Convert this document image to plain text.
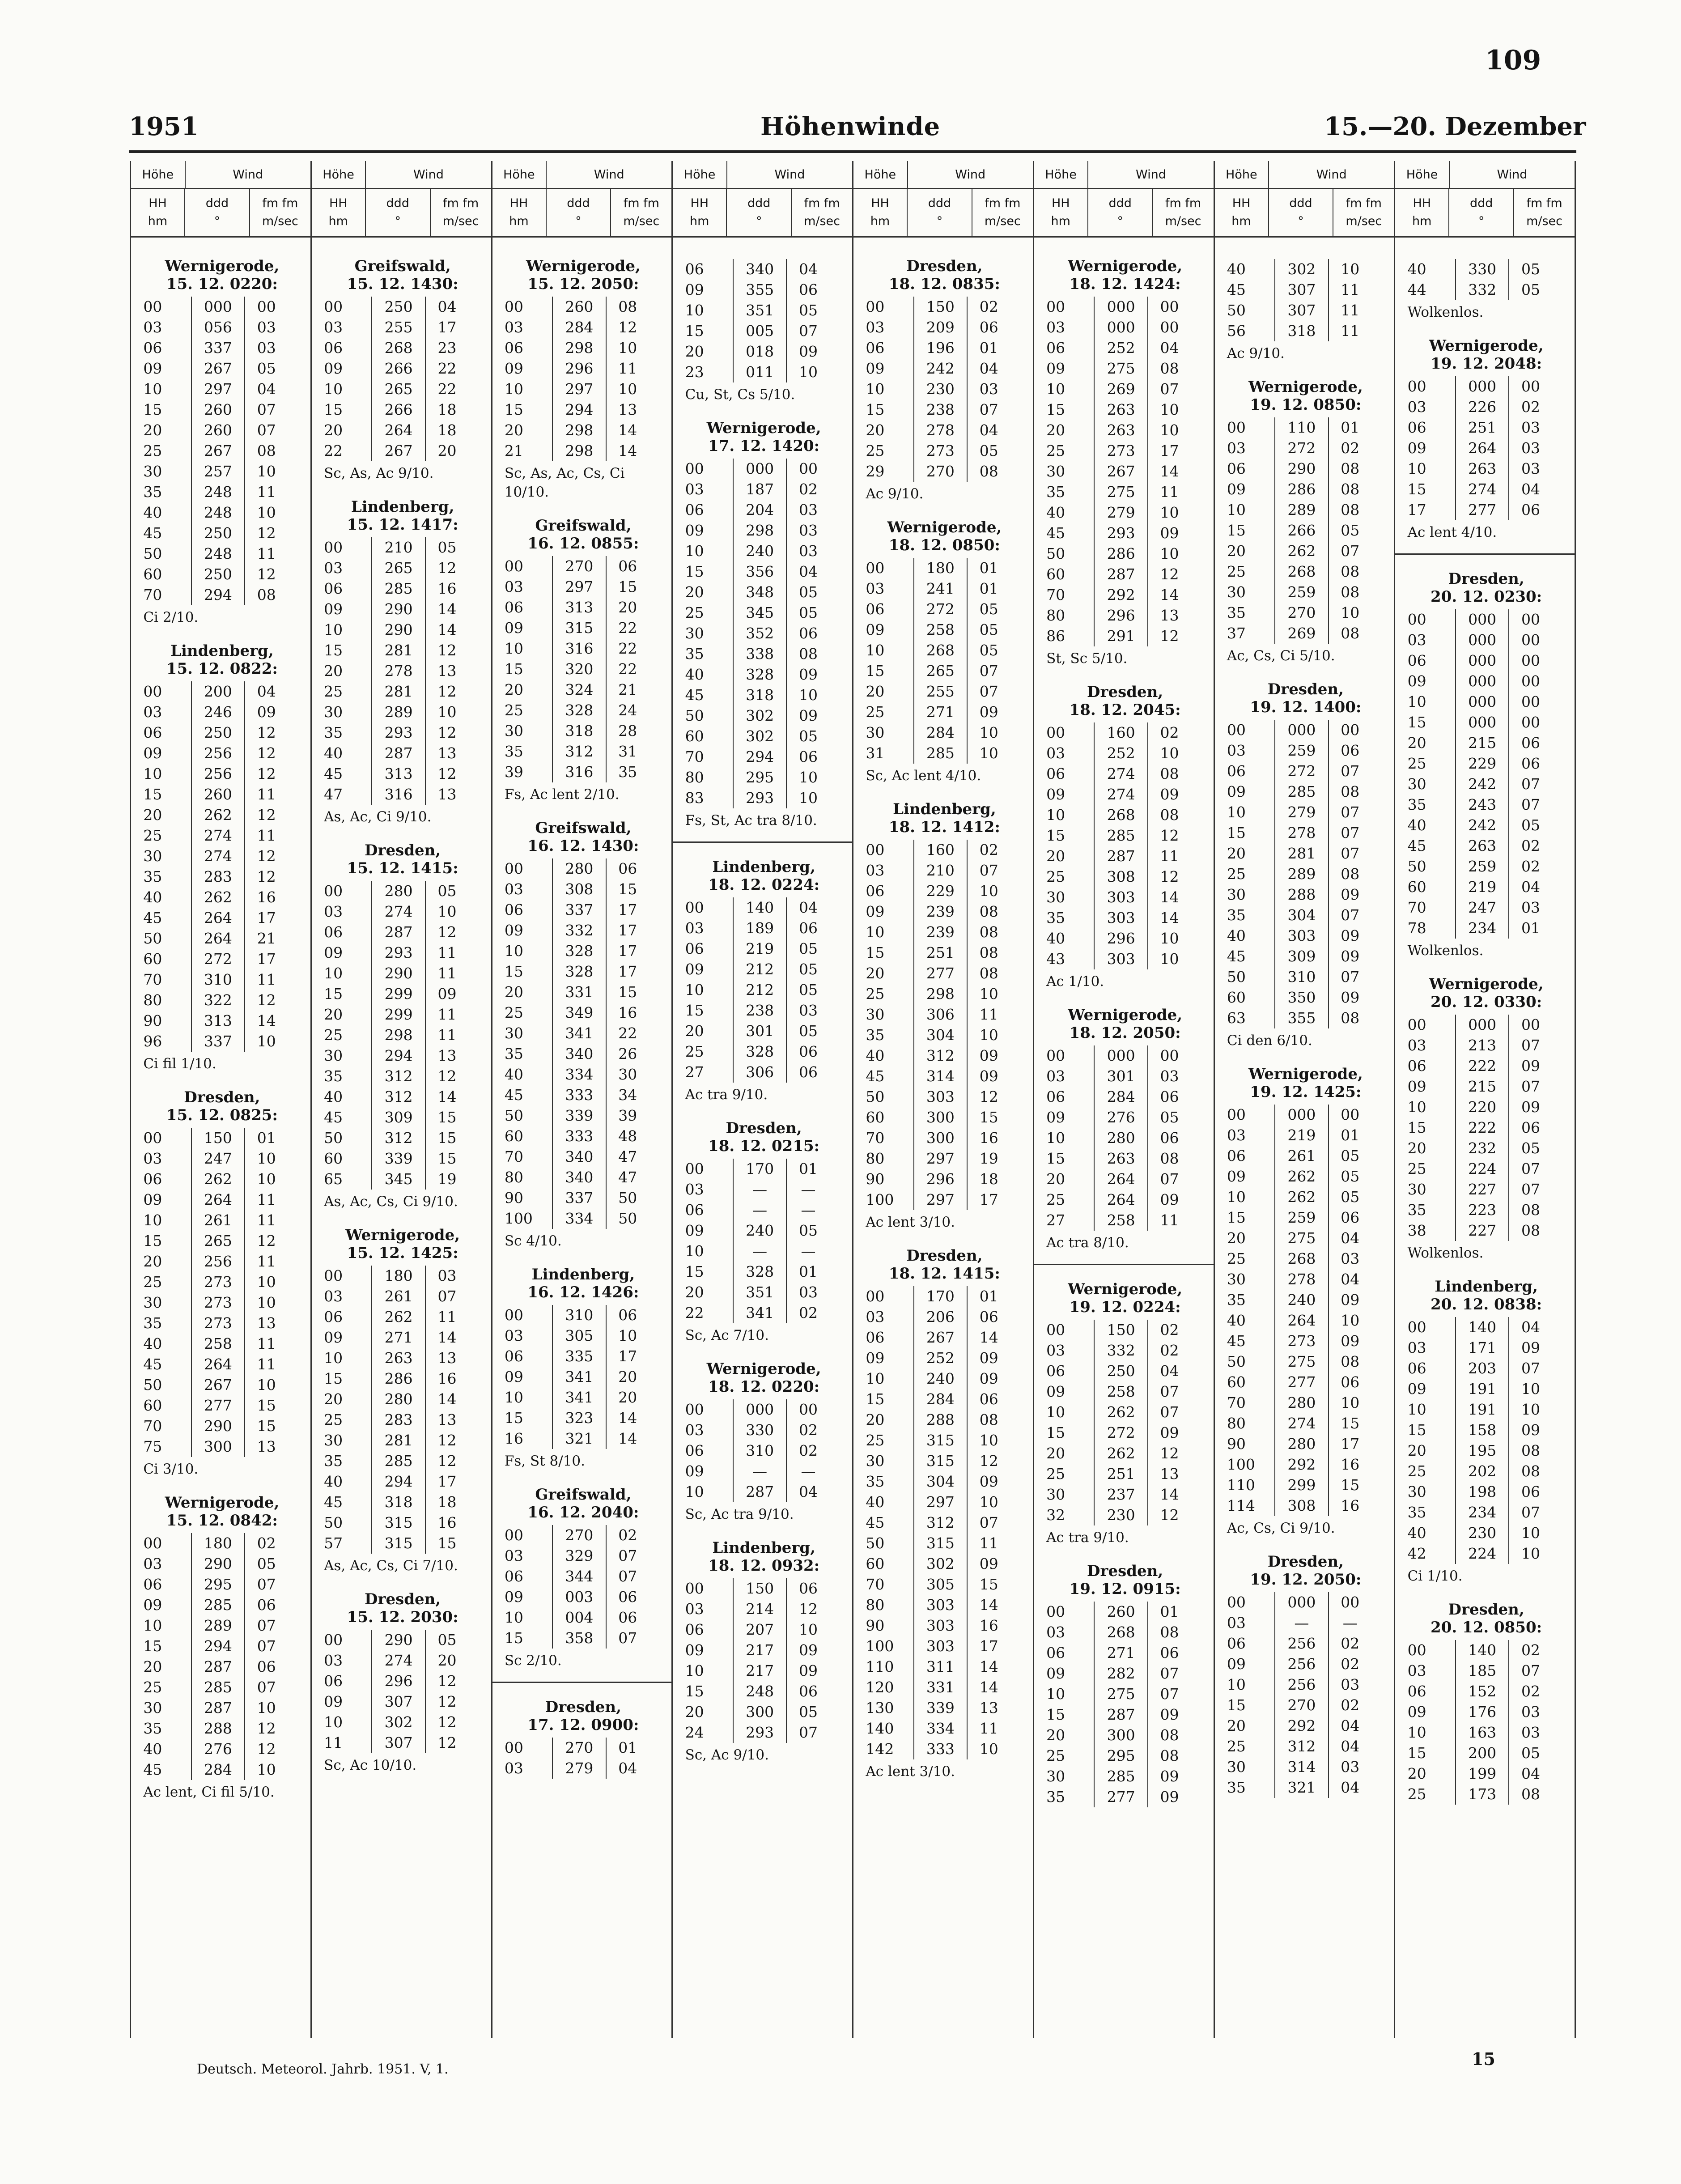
109
1951	Höhenwinde	15.—20. Dezember
Höhe	Wind
HH
hm
ddd
°
fm fm
m/sec
Wernigerode,
15. 12. 0220:
00	000	00
03	056	03
06	337	03
09	267	05
10	297	04
15	260	07
20	260	07
25	267	08
30	257	10
35	248	11
40	248	10
45	250	12
50	248	11
60	250	12
70	294	08
Ci 2/10.
Lindenberg,
15. 12. 0822:
00	200	04
03	246	09
06	250	12
09	256	12
10	256	12
15	260	11
20	262	12
25	274	11
30	274	12
35	283	12
40	262	16
45	264	17
50	264	21
60	272	17
70	310	11
80	322	12
90	313	14
96	337	10
Ci fil 1/10.
Dresden,
15. 12. 0825:
00	150	01
03	247	10
06	262	10
09	264	11
10	261	11
15	265	12
20	256	11
25	273	10
30	273	10
35	273	13
40	258	11
45	264	11
50	267	10
60	277	15
70	290	15
75	300	13
Ci 3/10.
Wernigerode,
15. 12. 0842:
00	180	02
03	290	05
06	295	07
09	285	06
10	289	07
15	294	07
20	287	06
25	285	07
30	287	10
35	288	12
40	276	12
45	284	10
Ac lent, Ci fil 5/10.
Höhe	Wind
HH
hm
ddd
°
fm fm
m/sec
Greifswald,
15. 12. 1430:
00	250	04
03	255	17
06	268	23
09	266	22
10	265	22
15	266	18
20	264	18
22	267	20
Sc, As, Ac 9/10.
Lindenberg,
15. 12. 1417:
00	210	05
03	265	12
06	285	16
09	290	14
10	290	14
15	281	12
20	278	13
25	281	12
30	289	10
35	293	12
40	287	13
45	313	12
47	316	13
As, Ac, Ci 9/10.
Dresden,
15. 12. 1415:
00	280	05
03	274	10
06	287	12
09	293	11
10	290	11
15	299	09
20	299	11
25	298	11
30	294	13
35	312	12
40	312	14
45	309	15
50	312	15
60	339	15
65	345	19
As, Ac, Cs, Ci 9/10.
Wernigerode,
15. 12. 1425:
00	180	03
03	261	07
06	262	11
09	271	14
10	263	13
15	286	16
20	280	14
25	283	13
30	281	12
35	285	12
40	294	17
45	318	18
50	315	16
57	315	15
As, Ac, Cs, Ci 7/10.
Dresden,
15. 12. 2030:
00	290	05
03	274	20
06	296	12
09	307	12
10	302	12
11	307	12
Sc, Ac 10/10.
Höhe	Wind
HH
hm
ddd
°
fm fm
m/sec
Wernigerode,
15. 12. 2050:
00	260	08
03	284	12
06	298	10
09	296	11
10	297	10
15	294	13
20	298	14
21	298	14
Sc, As, Ac, Cs, Ci 10/10.
Greifswald,
16. 12. 0855:
00	270	06
03	297	15
06	313	20
09	315	22
10	316	22
15	320	22
20	324	21
25	328	24
30	318	28
35	312	31
39	316	35
Fs, Ac lent 2/10.
Greifswald,
16. 12. 1430:
00	280	06
03	308	15
06	337	17
09	332	17
10	328	17
15	328	17
20	331	15
25	349	16
30	341	22
35	340	26
40	334	30
45	333	34
50	339	39
60	333	48
70	340	47
80	340	47
90	337	50
100	334	50
Sc 4/10.
Lindenberg,
16. 12. 1426:
00	310	06
03	305	10
06	335	17
09	341	20
10	341	20
15	323	14
16	321	14
Fs, St 8/10.
Greifswald,
16. 12. 2040:
00	270	02
03	329	07
06	344	07
09	003	06
10	004	06
15	358	07
Sc 2/10.
Dresden,
17. 12. 0900:
00	270	01
03	279	04
Höhe	Wind
HH
hm
ddd
°
fm fm
m/sec
06	340	04
09	355	06
10	351	05
15	005	07
20	018	09
23	011	10
Cu, St, Cs 5/10.
Wernigerode,
17. 12. 1420:
00	000	00
03	187	02
06	204	03
09	298	03
10	240	03
15	356	04
20	348	05
25	345	05
30	352	06
35	338	08
40	328	09
45	318	10
50	302	09
60	302	05
70	294	06
80	295	10
83	293	10
Fs, St, Ac tra 8/10.
Lindenberg,
18. 12. 0224:
00	140	04
03	189	06
06	219	05
09	212	05
10	212	05
15	238	03
20	301	05
25	328	06
27	306	06
Ac tra 9/10.
Dresden,
18. 12. 0215:
00	170	01
03	—	—
06	—	—
09	240	05
10	—	—
15	328	01
20	351	03
22	341	02
Sc, Ac 7/10.
Wernigerode,
18. 12. 0220:
00	000	00
03	330	02
06	310	02
09	—	—
10	287	04
Sc, Ac tra 9/10.
Lindenberg,
18. 12. 0932:
00	150	06
03	214	12
06	207	10
09	217	09
10	217	09
15	248	06
20	300	05
24	293	07
Sc, Ac 9/10.
Höhe	Wind
HH
hm
ddd
°
fm fm
m/sec
Dresden,
18. 12. 0835:
00	150	02
03	209	06
06	196	01
09	242	04
10	230	03
15	238	07
20	278	04
25	273	05
29	270	08
Ac 9/10.
Wernigerode,
18. 12. 0850:
00	180	01
03	241	01
06	272	05
09	258	05
10	268	05
15	265	07
20	255	07
25	271	09
30	284	10
31	285	10
Sc, Ac lent 4/10.
Lindenberg,
18. 12. 1412:
00	160	02
03	210	07
06	229	10
09	239	08
10	239	08
15	251	08
20	277	08
25	298	10
30	306	11
35	304	10
40	312	09
45	314	09
50	303	12
60	300	15
70	300	16
80	297	19
90	296	18
100	297	17
Ac lent 3/10.
Dresden,
18. 12. 1415:
00	170	01
03	206	06
06	267	14
09	252	09
10	240	09
15	284	06
20	288	08
25	315	10
30	315	12
35	304	09
40	297	10
45	312	07
50	315	11
60	302	09
70	305	15
80	303	14
90	303	16
100	303	17
110	311	14
120	331	14
130	339	13
140	334	11
142	333	10
Ac lent 3/10.
Höhe	Wind
HH
hm
ddd
°
fm fm
m/sec
Wernigerode,
18. 12. 1424:
00	000	00
03	000	00
06	252	04
09	275	08
10	269	07
15	263	10
20	263	10
25	273	17
30	267	14
35	275	11
40	279	10
45	293	09
50	286	10
60	287	12
70	292	14
80	296	13
86	291	12
St, Sc 5/10.
Dresden,
18. 12. 2045:
00	160	02
03	252	10
06	274	08
09	274	09
10	268	08
15	285	12
20	287	11
25	308	12
30	303	14
35	303	14
40	296	10
43	303	10
Ac 1/10.
Wernigerode,
18. 12. 2050:
00	000	00
03	301	03
06	284	06
09	276	05
10	280	06
15	263	08
20	264	07
25	264	09
27	258	11
Ac tra 8/10.
Wernigerode,
19. 12. 0224:
00	150	02
03	332	02
06	250	04
09	258	07
10	262	07
15	272	09
20	262	12
25	251	13
30	237	14
32	230	12
Ac tra 9/10.
Dresden,
19. 12. 0915:
00	260	01
03	268	08
06	271	06
09	282	07
10	275	07
15	287	09
20	300	08
25	295	08
30	285	09
35	277	09
Höhe	Wind
HH
hm
ddd
°
fm fm
m/sec
40	302	10
45	307	11
50	307	11
56	318	11
Ac 9/10.
Wernigerode,
19. 12. 0850:
00	110	01
03	272	02
06	290	08
09	286	08
10	289	08
15	266	05
20	262	07
25	268	08
30	259	08
35	270	10
37	269	08
Ac, Cs, Ci 5/10.
Dresden,
19. 12. 1400:
00	000	00
03	259	06
06	272	07
09	285	08
10	279	07
15	278	07
20	281	07
25	289	08
30	288	09
35	304	07
40	303	09
45	309	09
50	310	07
60	350	09
63	355	08
Ci den 6/10.
Wernigerode,
19. 12. 1425:
00	000	00
03	219	01
06	261	05
09	262	05
10	262	05
15	259	06
20	275	04
25	268	03
30	278	04
35	240	09
40	264	10
45	273	09
50	275	08
60	277	06
70	280	10
80	274	15
90	280	17
100	292	16
110	299	15
114	308	16
Ac, Cs, Ci 9/10.
Dresden,
19. 12. 2050:
00	000	00
03	—	—
06	256	02
09	256	02
10	256	03
15	270	02
20	292	04
25	312	04
30	314	03
35	321	04
Höhe	Wind
HH
hm
ddd
°
fm fm
m/sec
40	330	05
44	332	05
Wolkenlos.
Wernigerode,
19. 12. 2048:
00	000	00
03	226	02
06	251	03
09	264	03
10	263	03
15	274	04
17	277	06
Ac lent 4/10.
Dresden,
20. 12. 0230:
00	000	00
03	000	00
06	000	00
09	000	00
10	000	00
15	000	00
20	215	06
25	229	06
30	242	07
35	243	07
40	242	05
45	263	02
50	259	02
60	219	04
70	247	03
78	234	01
Wolkenlos.
Wernigerode,
20. 12. 0330:
00	000	00
03	213	07
06	222	09
09	215	07
10	220	09
15	222	06
20	232	05
25	224	07
30	227	07
35	223	08
38	227	08
Wolkenlos.
Lindenberg,
20. 12. 0838:
00	140	04
03	171	09
06	203	07
09	191	10
10	191	10
15	158	09
20	195	08
25	202	08
30	198	06
35	234	07
40	230	10
42	224	10
Ci 1/10.
Dresden,
20. 12. 0850:
00	140	02
03	185	07
06	152	02
09	176	03
10	163	03
15	200	05
20	199	04
25	173	08
Deutsch. Meteorol. Jahrb. 1951. V, 1.
15
